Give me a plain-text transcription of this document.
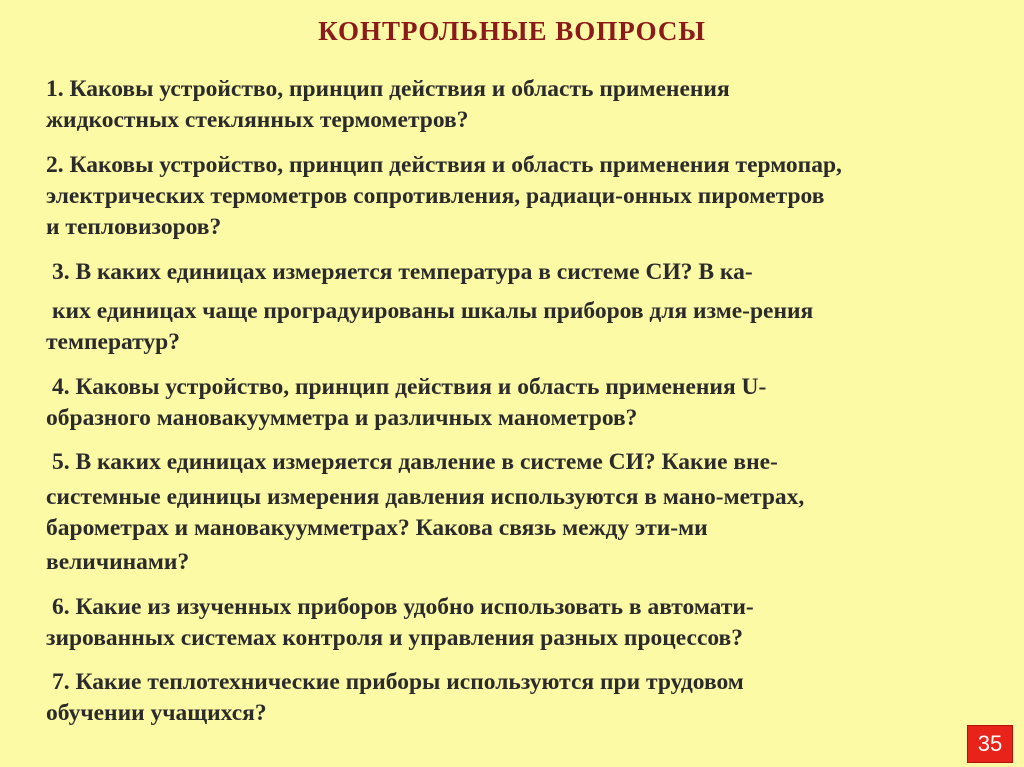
КОНТРОЛЬНЫЕ ВОПРОСЫ

1. Каковы устройство, принцип действия и область применения

жидкостных стеклянных термометров?

2. Каковы устройство, принцип действия и область применения термопар,

электрических термометров сопротивления, радиаци-онных пирометров

и тепловизоров?

3. В каких единицах измеряется температура в системе СИ? В ка-

ких единицах чаще проградуированы шкалы приборов для изме-рения

температур?

4. Каковы устройство, принцип действия и область применения U-

образного мановакуумметра и различных манометров?

5. В каких единицах измеряется давление в системе СИ? Какие вне-

системные единицы измерения давления используются в мано-метрах,

барометрах и мановакуумметрах? Какова связь между эти-ми

величинами?

6. Какие из изученных приборов удобно использовать в автомати-

зированных системах контроля и управления разных процессов?

7. Какие теплотехнические приборы используются при трудовом

обучении учащихся?

35
